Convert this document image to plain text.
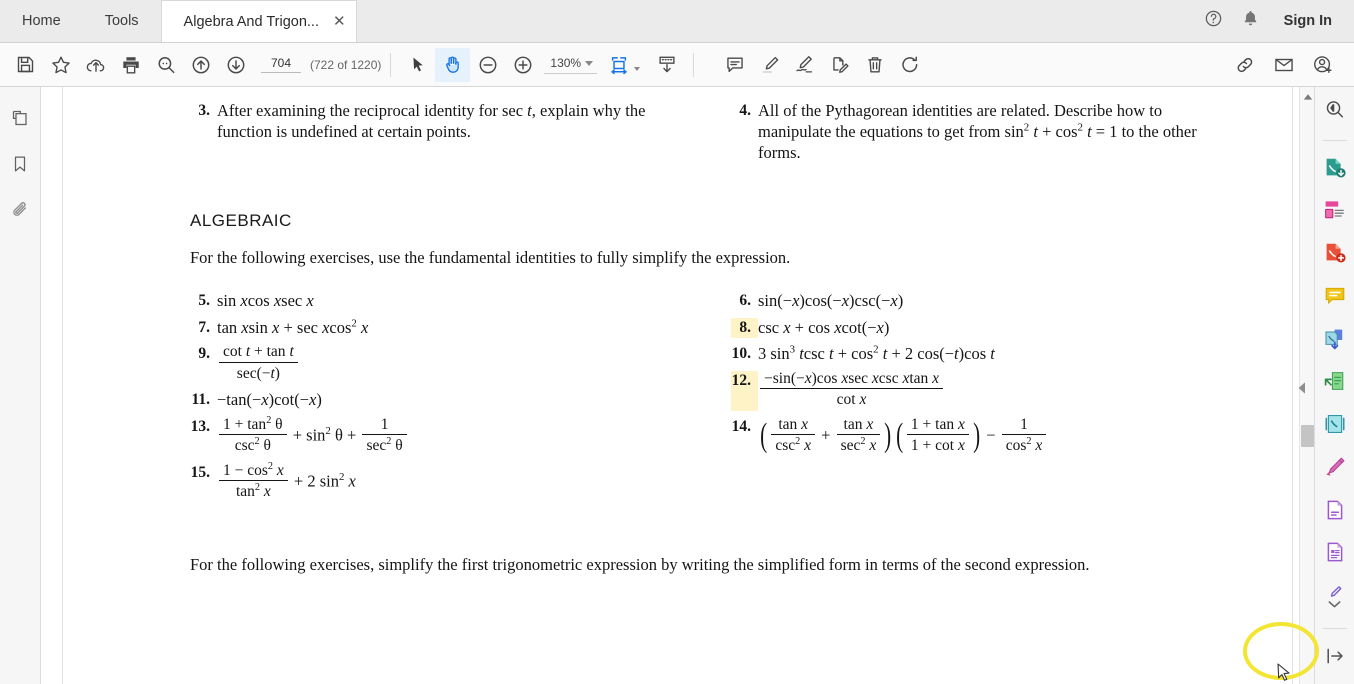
Home	Tools	Algebra And Trigon... ✕	Sign In
704	(722 of 1220)	130%
3. After examining the reciprocal identity for sec t, explain why the function is undefined at certain points.
4. All of the Pythagorean identities are related. Describe how to manipulate the equations to get from $\sin^2 t + \cos^2 t = 1$ to the other forms.
ALGEBRAIC
For the following exercises, use the fundamental identities to fully simplify the expression.
5. sin xcos xsec x
7. tan xsin x + sec xcos$^2$ x
9. $\frac{\text{cot t + tan t}}{\sec(-t)}$
11. −tan(−x)cot(−x)
13. $\frac{1 + \tan^2 \theta}{\csc^2 \theta} + \sin^2 \theta + \frac{1}{\sec^2 \theta}$
15. $\frac{1 - \cos^2 x}{\tan^2 x} + 2$ $\sin^2 x$
6. sin(−x)cos(−x)csc(−x)
8. csc x + cos xcot(−x)
10. 3 $\sin^3 tcsc$ $t + \cos^2 t + 2$ cos(−t)cos t
12. $\frac{\text{−sin(−x)cos xsec xcsc xtan x}}{\text{cot x}}$
14. ( $\frac{\text{tan x}}{\csc^2 x} + \frac{\text{tan x}}{\sec^2 x}$ ) ( $\frac{\text{1 + tan x}}{\text{1 + cot x}}$ ) − $\frac{1}{\cos^2 x}$
For the following exercises, simplify the first trigonometric expression by writing the simplified form in terms of the second expression.
